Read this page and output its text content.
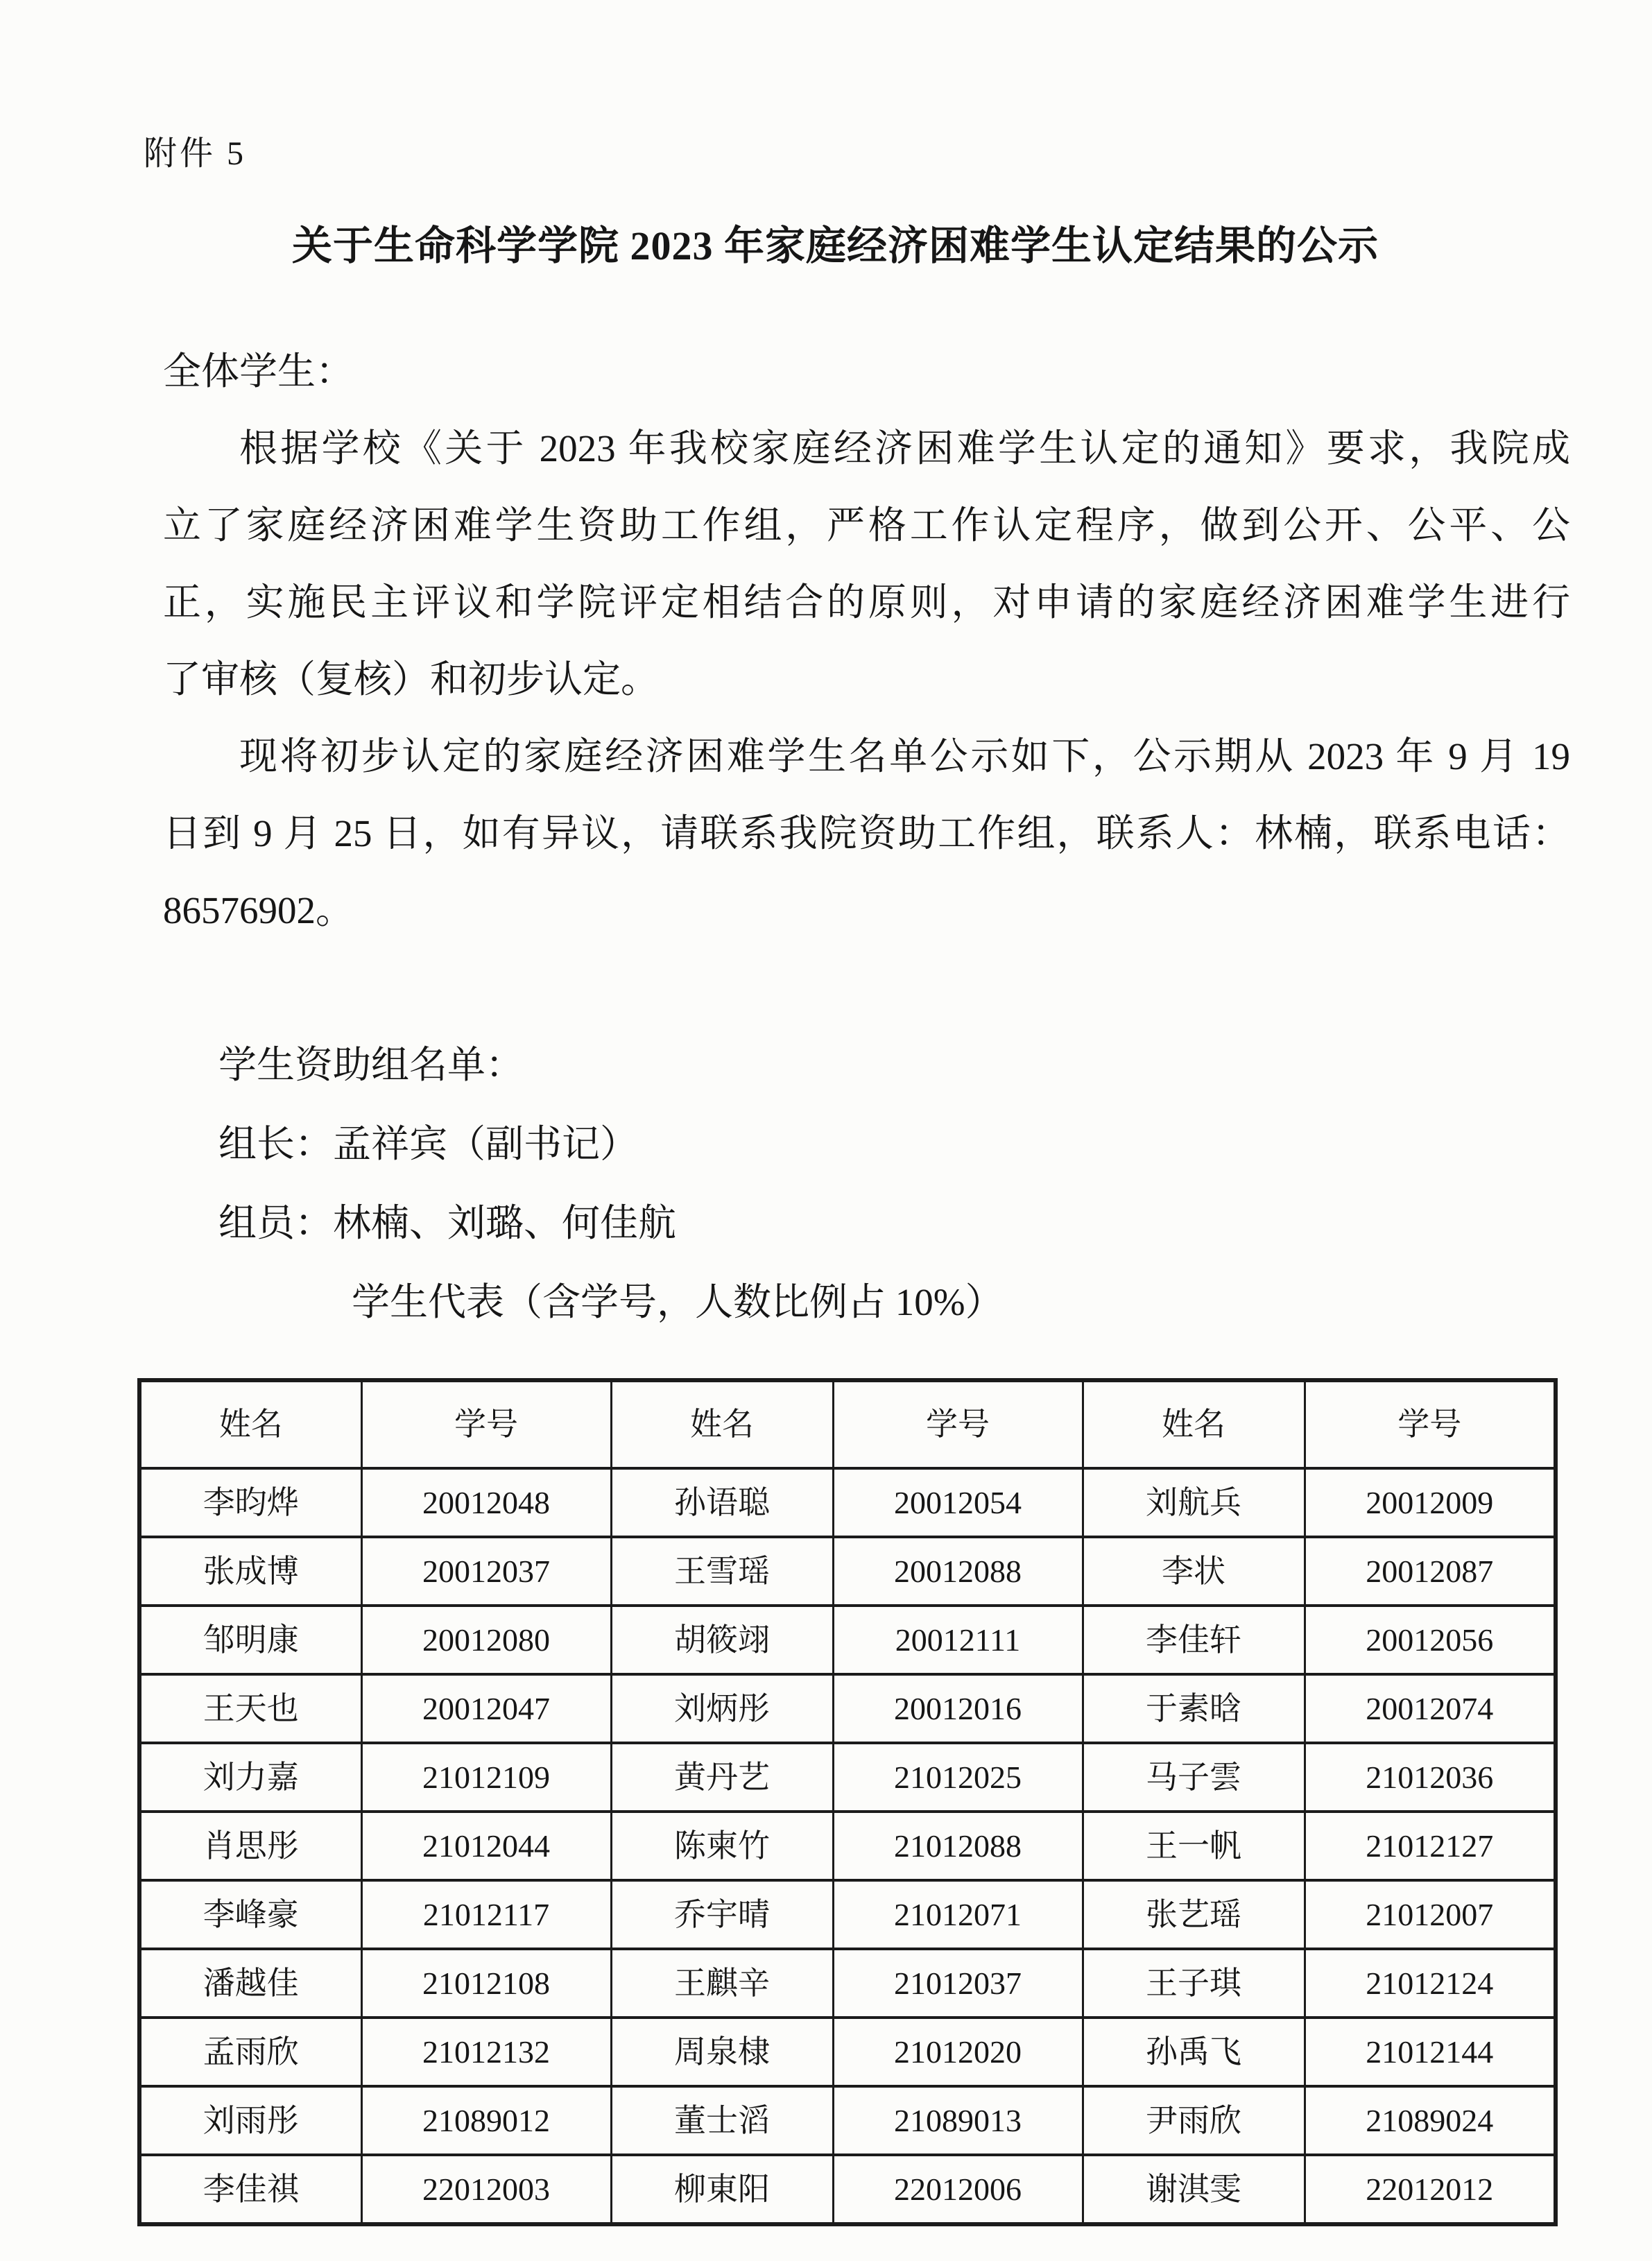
附件 5
关于生命科学学院 2023 年家庭经济困难学生认定结果的公示
全体学生：
根据学校《关于 2023 年我校家庭经济困难学生认定的通知》要求，我院成
立了家庭经济困难学生资助工作组，严格工作认定程序，做到公开、公平、公
正，实施民主评议和学院评定相结合的原则，对申请的家庭经济困难学生进行
了审核（复核）和初步认定。
现将初步认定的家庭经济困难学生名单公示如下，公示期从 2023 年 9 月 19
日到 9 月 25 日，如有异议，请联系我院资助工作组，联系人：林楠，联系电话：
86576902。
学生资助组名单：
组长：孟祥宾（副书记）
组员：林楠、刘璐、何佳航
学生代表（含学号，人数比例占 10%）
姓名	学号	姓名	学号	姓名	学号
李昀烨	20012048	孙语聪	20012054	刘航兵	20012009
张成博	20012037	王雪瑶	20012088	李状	20012087
邹明康	20012080	胡筱翊	20012111	李佳轩	20012056
王天也	20012047	刘炳彤	20012016	于素晗	20012074
刘力嘉	21012109	黄丹艺	21012025	马子雲	21012036
肖思彤	21012044	陈柬竹	21012088	王一帆	21012127
李峰豪	21012117	乔宇晴	21012071	张艺瑶	21012007
潘越佳	21012108	王麒辛	21012037	王子琪	21012124
孟雨欣	21012132	周泉棣	21012020	孙禹飞	21012144
刘雨彤	21089012	董士滔	21089013	尹雨欣	21089024
李佳祺	22012003	柳東阳	22012006	谢淇雯	22012012
